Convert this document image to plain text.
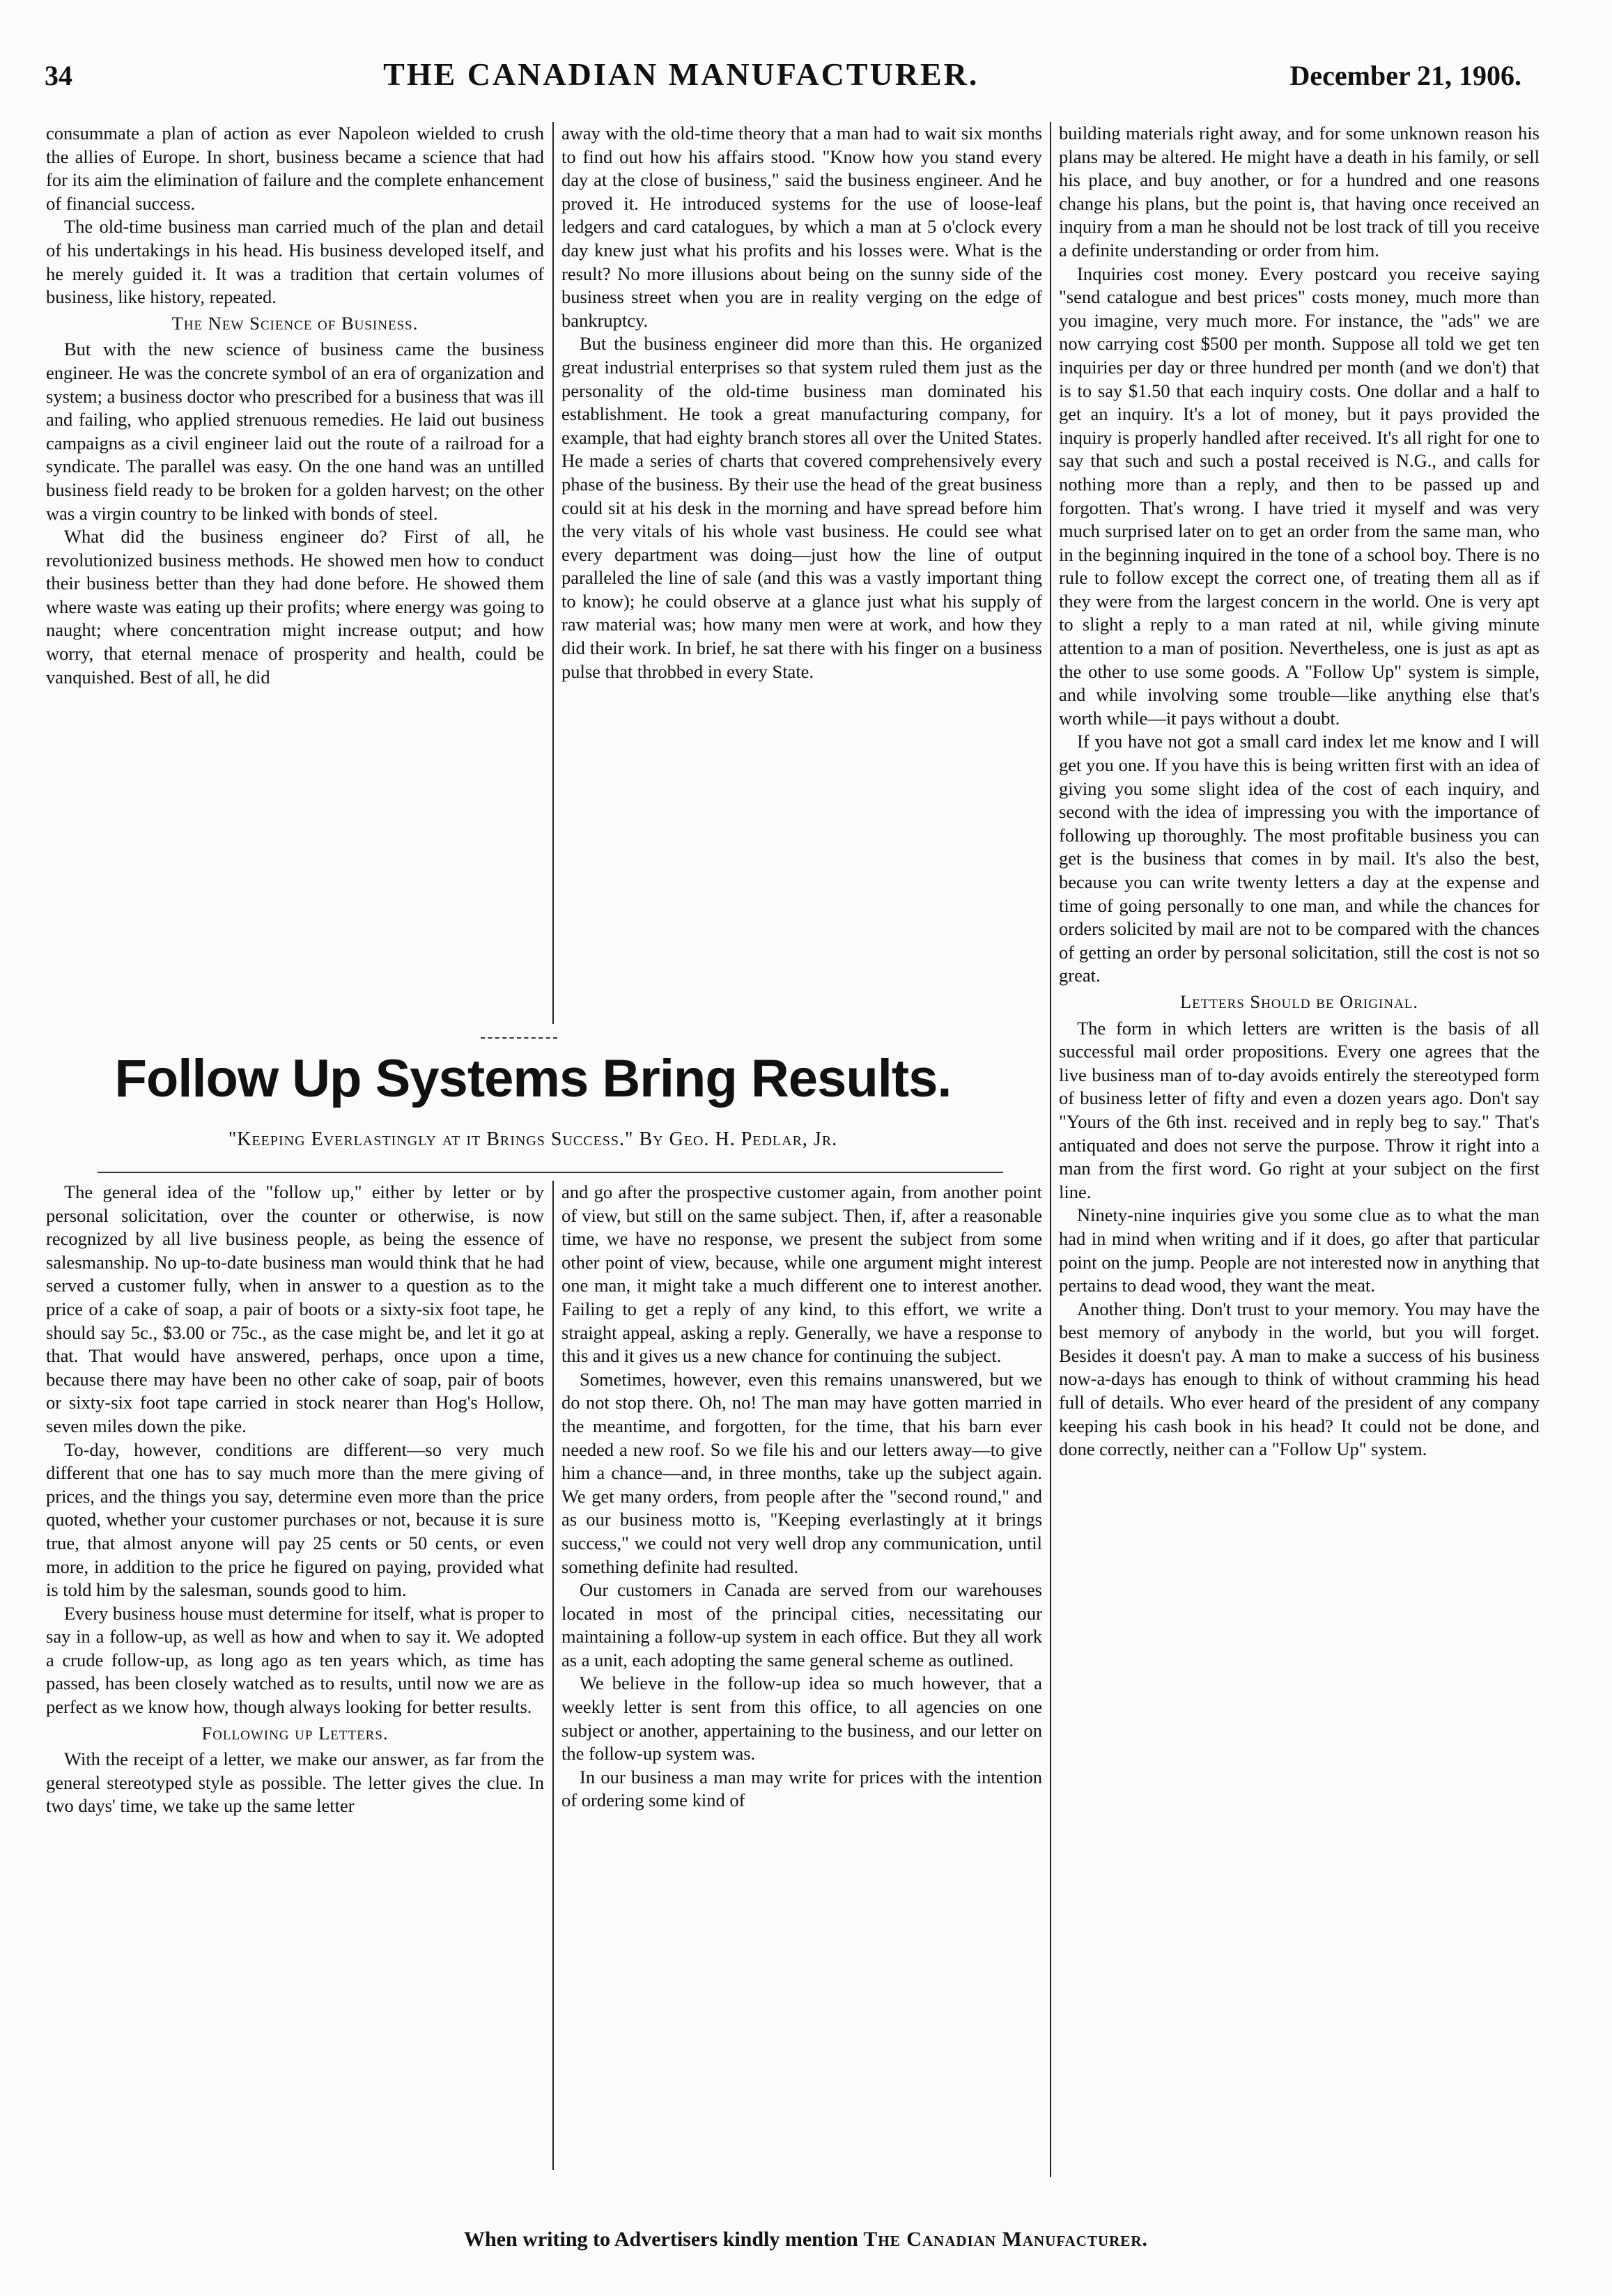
34	THE CANADIAN MANUFACTURER.	December 21, 1906.

consummate a plan of action as ever Napoleon wielded to crush the allies of Europe. In short, business became a science that had for its aim the elimination of failure and the complete enhancement of financial success.

The old-time business man carried much of the plan and detail of his undertakings in his head. His business developed itself, and he merely guided it. It was a tradition that certain volumes of business, like history, repeated.

The New Science of Business.

But with the new science of business came the business engineer. He was the concrete symbol of an era of organization and system; a business doctor who prescribed for a business that was ill and failing, who applied strenuous remedies. He laid out business campaigns as a civil engineer laid out the route of a railroad for a syndicate. The parallel was easy. On the one hand was an untilled business field ready to be broken for a golden harvest; on the other was a virgin country to be linked with bonds of steel.

What did the business engineer do? First of all, he revolutionized business methods. He showed men how to conduct their business better than they had done before. He showed them where waste was eating up their profits; where energy was going to naught; where concentration might increase output; and how worry, that eternal menace of prosperity and health, could be vanquished. Best of all, he did

away with the old-time theory that a man had to wait six months to find out how his affairs stood. "Know how you stand every day at the close of business," said the business engineer. And he proved it. He introduced systems for the use of loose-leaf ledgers and card catalogues, by which a man at 5 o'clock every day knew just what his profits and his losses were. What is the result? No more illusions about being on the sunny side of the business street when you are in reality verging on the edge of bankruptcy.

But the business engineer did more than this. He organized great industrial enterprises so that system ruled them just as the personality of the old-time business man dominated his establishment. He took a great manufacturing company, for example, that had eighty branch stores all over the United States. He made a series of charts that covered comprehensively every phase of the business. By their use the head of the great business could sit at his desk in the morning and have spread before him the very vitals of his whole vast business. He could see what every department was doing—just how the line of output paralleled the line of sale (and this was a vastly important thing to know); he could observe at a glance just what his supply of raw material was; how many men were at work, and how they did their work. In brief, he sat there with his finger on a business pulse that throbbed in every State.

Follow Up Systems Bring Results.
"Keeping Everlastingly at it Brings Success." By Geo. H. Pedlar, Jr.

The general idea of the "follow up," either by letter or by personal solicitation, over the counter or otherwise, is now recognized by all live business people, as being the essence of salesmanship. No up-to-date business man would think that he had served a customer fully, when in answer to a question as to the price of a cake of soap, a pair of boots or a sixty-six foot tape, he should say 5c., $3.00 or 75c., as the case might be, and let it go at that. That would have answered, perhaps, once upon a time, because there may have been no other cake of soap, pair of boots or sixty-six foot tape carried in stock nearer than Hog's Hollow, seven miles down the pike.

To-day, however, conditions are different—so very much different that one has to say much more than the mere giving of prices, and the things you say, determine even more than the price quoted, whether your customer purchases or not, because it is sure true, that almost anyone will pay 25 cents or 50 cents, or even more, in addition to the price he figured on paying, provided what is told him by the salesman, sounds good to him.

Every business house must determine for itself, what is proper to say in a follow-up, as well as how and when to say it. We adopted a crude follow-up, as long ago as ten years which, as time has passed, has been closely watched as to results, until now we are as perfect as we know how, though always looking for better results.

Following up Letters.

With the receipt of a letter, we make our answer, as far from the general stereotyped style as possible. The letter gives the clue. In two days' time, we take up the same letter

and go after the prospective customer again, from another point of view, but still on the same subject. Then, if, after a reasonable time, we have no response, we present the subject from some other point of view, because, while one argument might interest one man, it might take a much different one to interest another. Failing to get a reply of any kind, to this effort, we write a straight appeal, asking a reply. Generally, we have a response to this and it gives us a new chance for continuing the subject.

Sometimes, however, even this remains unanswered, but we do not stop there. Oh, no! The man may have gotten married in the meantime, and forgotten, for the time, that his barn ever needed a new roof. So we file his and our letters away—to give him a chance—and, in three months, take up the subject again. We get many orders, from people after the "second round," and as our business motto is, "Keeping everlastingly at it brings success," we could not very well drop any communication, until something definite had resulted.

Our customers in Canada are served from our warehouses located in most of the principal cities, necessitating our maintaining a follow-up system in each office. But they all work as a unit, each adopting the same general scheme as outlined.

We believe in the follow-up idea so much however, that a weekly letter is sent from this office, to all agencies on one subject or another, appertaining to the business, and our letter on the follow-up system was.

In our business a man may write for prices with the intention of ordering some kind of

building materials right away, and for some unknown reason his plans may be altered. He might have a death in his family, or sell his place, and buy another, or for a hundred and one reasons change his plans, but the point is, that having once received an inquiry from a man he should not be lost track of till you receive a definite understanding or order from him.

Inquiries cost money. Every postcard you receive saying "send catalogue and best prices" costs money, much more than you imagine, very much more. For instance, the "ads" we are now carrying cost $500 per month. Suppose all told we get ten inquiries per day or three hundred per month (and we don't) that is to say $1.50 that each inquiry costs. One dollar and a half to get an inquiry. It's a lot of money, but it pays provided the inquiry is properly handled after received. It's all right for one to say that such and such a postal received is N.G., and calls for nothing more than a reply, and then to be passed up and forgotten. That's wrong. I have tried it myself and was very much surprised later on to get an order from the same man, who in the beginning inquired in the tone of a school boy. There is no rule to follow except the correct one, of treating them all as if they were from the largest concern in the world. One is very apt to slight a reply to a man rated at nil, while giving minute attention to a man of position. Nevertheless, one is just as apt as the other to use some goods. A "Follow Up" system is simple, and while involving some trouble—like anything else that's worth while—it pays without a doubt.

If you have not got a small card index let me know and I will get you one. If you have this is being written first with an idea of giving you some slight idea of the cost of each inquiry, and second with the idea of impressing you with the importance of following up thoroughly. The most profitable business you can get is the business that comes in by mail. It's also the best, because you can write twenty letters a day at the expense and time of going personally to one man, and while the chances for orders solicited by mail are not to be compared with the chances of getting an order by personal solicitation, still the cost is not so great.

Letters Should be Original.

The form in which letters are written is the basis of all successful mail order propositions. Every one agrees that the live business man of to-day avoids entirely the stereotyped form of business letter of fifty and even a dozen years ago. Don't say "Yours of the 6th inst. received and in reply beg to say." That's antiquated and does not serve the purpose. Throw it right into a man from the first word. Go right at your subject on the first line.

Ninety-nine inquiries give you some clue as to what the man had in mind when writing and if it does, go after that particular point on the jump. People are not interested now in anything that pertains to dead wood, they want the meat.

Another thing. Don't trust to your memory. You may have the best memory of anybody in the world, but you will forget. Besides it doesn't pay. A man to make a success of his business now-a-days has enough to think of without cramming his head full of details. Who ever heard of the president of any company keeping his cash book in his head? It could not be done, and done correctly, neither can a "Follow Up" system.

When writing to Advertisers kindly mention The Canadian Manufacturer.
